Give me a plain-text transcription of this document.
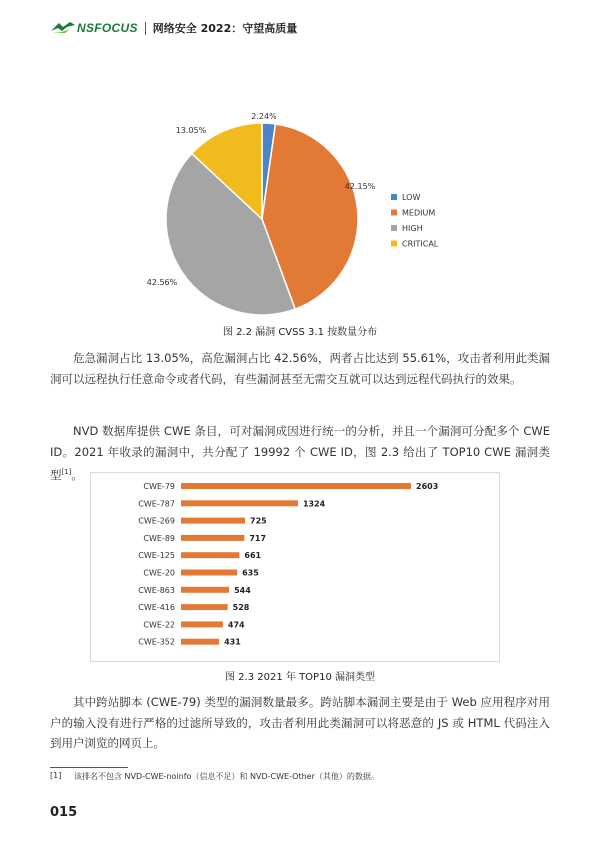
NSFOCUS 网络安全 2022：守望高质量
2.24%
42.15%
42.56%
13.05%
LOW
MEDIUM
HIGH
CRITICAL
图 2.2 漏洞 CVSS 3.1 按数量分布

危急漏洞占比 13.05%，高危漏洞占比 42.56%，两者占比达到 55.61%，攻击者利用此类漏洞可以远程执行任意命令或者代码，有些漏洞甚至无需交互就可以达到远程代码执行的效果。

NVD 数据库提供 CWE 条目，可对漏洞成因进行统一的分析，并且一个漏洞可分配多个 CWE ID。2021 年收录的漏洞中，共分配了 19992 个 CWE ID，图 2.3 给出了 TOP10 CWE 漏洞类型[1]。

CWE-79	2603
CWE-787	1324
CWE-269	725
CWE-89	717
CWE-125	661
CWE-20	635
CWE-863	544
CWE-416	528
CWE-22	474
CWE-352	431
图 2.3 2021 年 TOP10 漏洞类型

其中跨站脚本 (CWE-79) 类型的漏洞数量最多。跨站脚本漏洞主要是由于 Web 应用程序对用户的输入没有进行严格的过滤所导致的，攻击者利用此类漏洞可以将恶意的 JS 或 HTML 代码注入到用户浏览的网页上。

[1]	该排名不包含 NVD-CWE-noinfo（信息不足）和 NVD-CWE-Other（其他）的数据。
015
